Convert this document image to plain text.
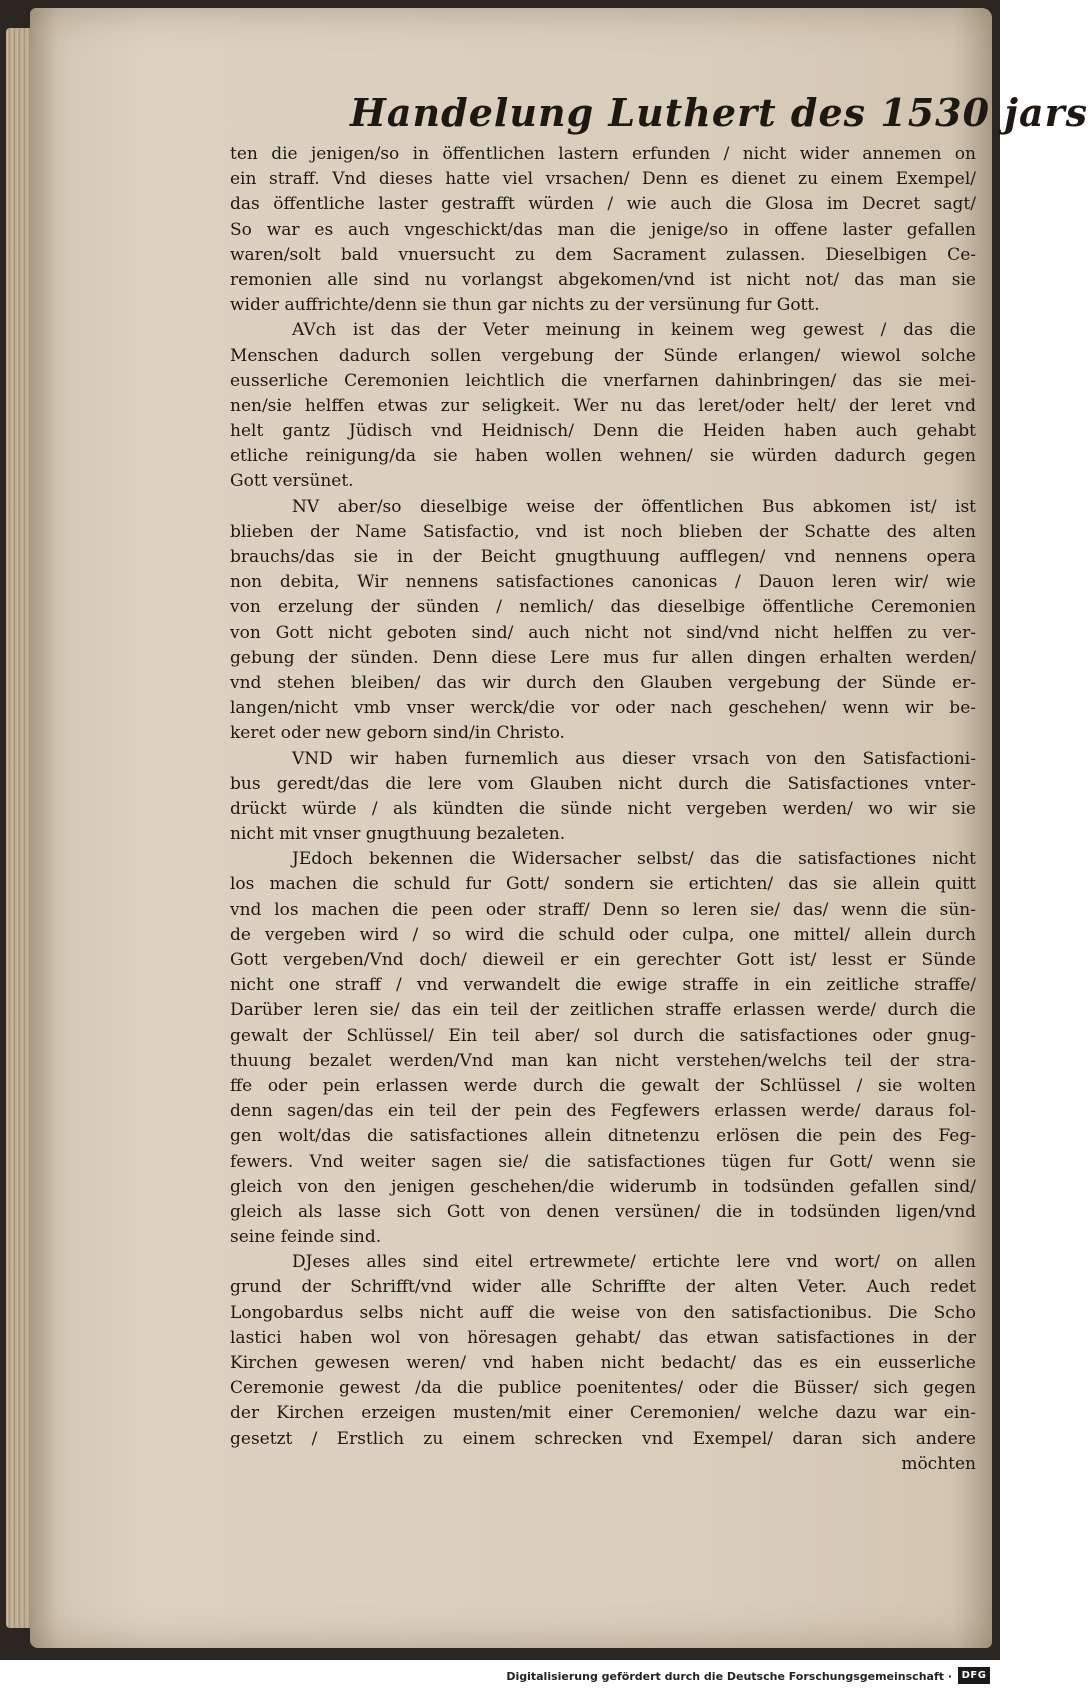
Handelung Luthert des 1530 jars
ten die jenigen/so in öffentlichen lastern erfunden / nicht wider annemen on
ein straff. Vnd dieses hatte viel vrsachen/ Denn es dienet zu einem Exempel/
das öffentliche laster gestrafft würden / wie auch die Glosa im Decret sagt/
So war es auch vngeschickt/das man die jenige/so in offene laster gefallen
waren/solt bald vnuersucht zu dem Sacrament zulassen. Dieselbigen Ce-
remonien alle sind nu vorlangst abgekomen/vnd ist nicht not/ das man sie
wider auffrichte/denn sie thun gar nichts zu der versünung fur Gott.
AVch ist das der Veter meinung in keinem weg gewest / das die
Menschen dadurch sollen vergebung der Sünde erlangen/ wiewol solche
eusserliche Ceremonien leichtlich die vnerfarnen dahinbringen/ das sie mei-
nen/sie helffen etwas zur seligkeit. Wer nu das leret/oder helt/ der leret vnd
helt gantz Jüdisch vnd Heidnisch/ Denn die Heiden haben auch gehabt
etliche reinigung/da sie haben wollen wehnen/ sie würden dadurch gegen
Gott versünet.
NV aber/so dieselbige weise der öffentlichen Bus abkomen ist/ ist
blieben der Name Satisfactio, vnd ist noch blieben der Schatte des alten
brauchs/das sie in der Beicht gnugthuung aufflegen/ vnd nennens opera
non debita, Wir nennens satisfactiones canonicas / Dauon leren wir/ wie
von erzelung der sünden / nemlich/ das dieselbige öffentliche Ceremonien
von Gott nicht geboten sind/ auch nicht not sind/vnd nicht helffen zu ver-
gebung der sünden. Denn diese Lere mus fur allen dingen erhalten werden/
vnd stehen bleiben/ das wir durch den Glauben vergebung der Sünde er-
langen/nicht vmb vnser werck/die vor oder nach geschehen/ wenn wir be-
keret oder new geborn sind/in Christo.
VND wir haben furnemlich aus dieser vrsach von den Satisfactioni-
bus geredt/das die lere vom Glauben nicht durch die Satisfactiones vnter-
drückt würde / als kündten die sünde nicht vergeben werden/ wo wir sie
nicht mit vnser gnugthuung bezaleten.
JEdoch bekennen die Widersacher selbst/ das die satisfactiones nicht
los machen die schuld fur Gott/ sondern sie ertichten/ das sie allein quitt
vnd los machen die peen oder straff/ Denn so leren sie/ das/ wenn die sün-
de vergeben wird / so wird die schuld oder culpa, one mittel/ allein durch
Gott vergeben/Vnd doch/ dieweil er ein gerechter Gott ist/ lesst er Sünde
nicht one straff / vnd verwandelt die ewige straffe in ein zeitliche straffe/
Darüber leren sie/ das ein teil der zeitlichen straffe erlassen werde/ durch die
gewalt der Schlüssel/ Ein teil aber/ sol durch die satisfactiones oder gnug-
thuung bezalet werden/Vnd man kan nicht verstehen/welchs teil der stra-
ffe oder pein erlassen werde durch die gewalt der Schlüssel / sie wolten
denn sagen/das ein teil der pein des Fegfewers erlassen werde/ daraus fol-
gen wolt/das die satisfactiones allein ditnetenzu erlösen die pein des Feg-
fewers. Vnd weiter sagen sie/ die satisfactiones tügen fur Gott/ wenn sie
gleich von den jenigen geschehen/die widerumb in todsünden gefallen sind/
gleich als lasse sich Gott von denen versünen/ die in todsünden ligen/vnd
seine feinde sind.
DJeses alles sind eitel ertrewmete/ ertichte lere vnd wort/ on allen
grund der Schrifft/vnd wider alle Schriffte der alten Veter. Auch redet
Longobardus selbs nicht auff die weise von den satisfactionibus. Die Scho
lastici haben wol von höresagen gehabt/ das etwan satisfactiones in der
Kirchen gewesen weren/ vnd haben nicht bedacht/ das es ein eusserliche
Ceremonie gewest /da die publice poenitentes/ oder die Büsser/ sich gegen
der Kirchen erzeigen musten/mit einer Ceremonien/ welche dazu war ein-
gesetzt / Erstlich zu einem schrecken vnd Exempel/ daran sich andere
möchten
Digitalisierung gefördert durch die Deutsche Forschungsgemeinschaft · DFG
